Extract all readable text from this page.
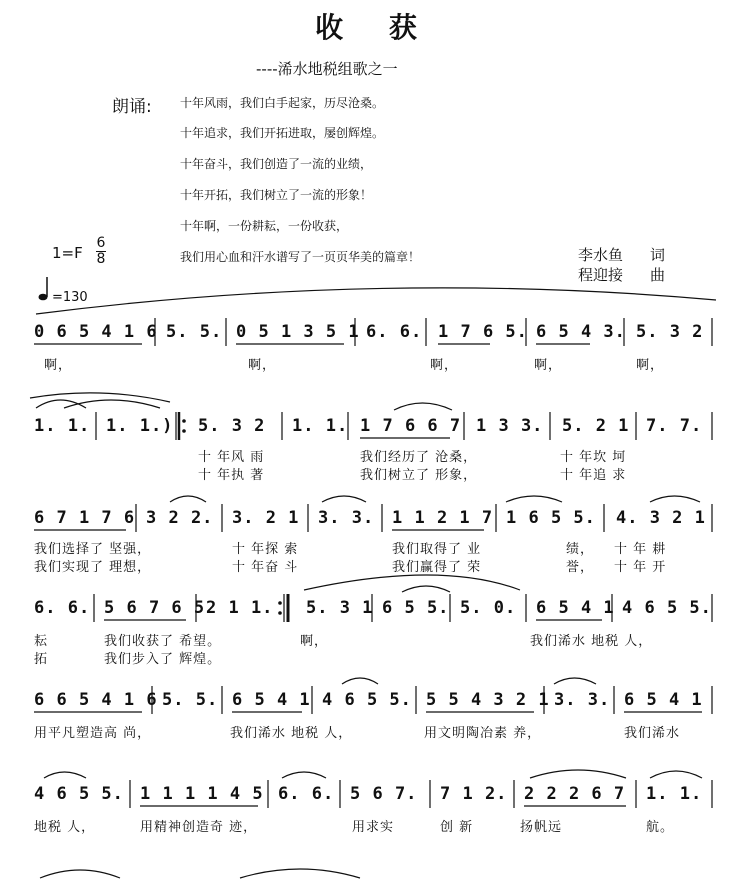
收 获
----浠水地税组歌之一
朗诵: 十年风雨，我们白手起家，历尽沧桑。
十年追求，我们开拓进取，屡创辉煌。
十年奋斗，我们创造了一流的业绩，
十年开拓，我们树立了一流的形象！
十年啊，一份耕耘，一份收获，
我们用心血和汗水谱写了一页页华美的篇章！
1=F
6
8	李水鱼 词
程迎接 曲
=130
0 6 5 4 1 6 5. 5. 0 5 1 3 5 1 6. 6. 1 7 6 5. 6 5 4 3. 5. 3 2
啊，	啊，	啊，	啊，	啊，
1. 1. 1. 1.) 5. 3 2 1. 1. 1 7 6 6 7 1 3 3. 5. 2 1 7. 7.
十 年风 雨	我们经历了 沧桑，	十 年坎 坷
十 年执 著	我们树立了 形象，	十 年追 求
6 7 1 7 6 3 2 2. 3. 2 1 3. 3. 1 1 2 1 7 1 6 5 5. 4. 3 2 1
我们选择了 坚强，	十 年探 索	我们取得了 业	绩， 十 年 耕
我们实现了 理想，	十 年奋 斗	我们赢得了 荣	誉， 十 年 开
6. 6. 5 6 7 6 5 2 1 1. 5. 3 1 6 5 5. 5. 0. 6 5 4 1 4 6 5 5.
耘	我们收获了 希望。	啊，	我们浠水 地税 人，
拓	我们步入了 辉煌。
6 6 5 4 1 6 5. 5. 6 5 4 1 4 6 5 5. 5 5 4 3 2 1 3. 3. 6 5 4 1
用平凡塑造高 尚，	我们浠水 地税 人，	用文明陶冶素 养，	我们浠水
4 6 5 5. 1 1 1 1 4 5 6. 6. 5 6 7. 7 1 2. 2 2 2 6 7 1. 1.
地税 人，	用精神创造奇 迹，	用求实	创 新	扬帆远	航。
